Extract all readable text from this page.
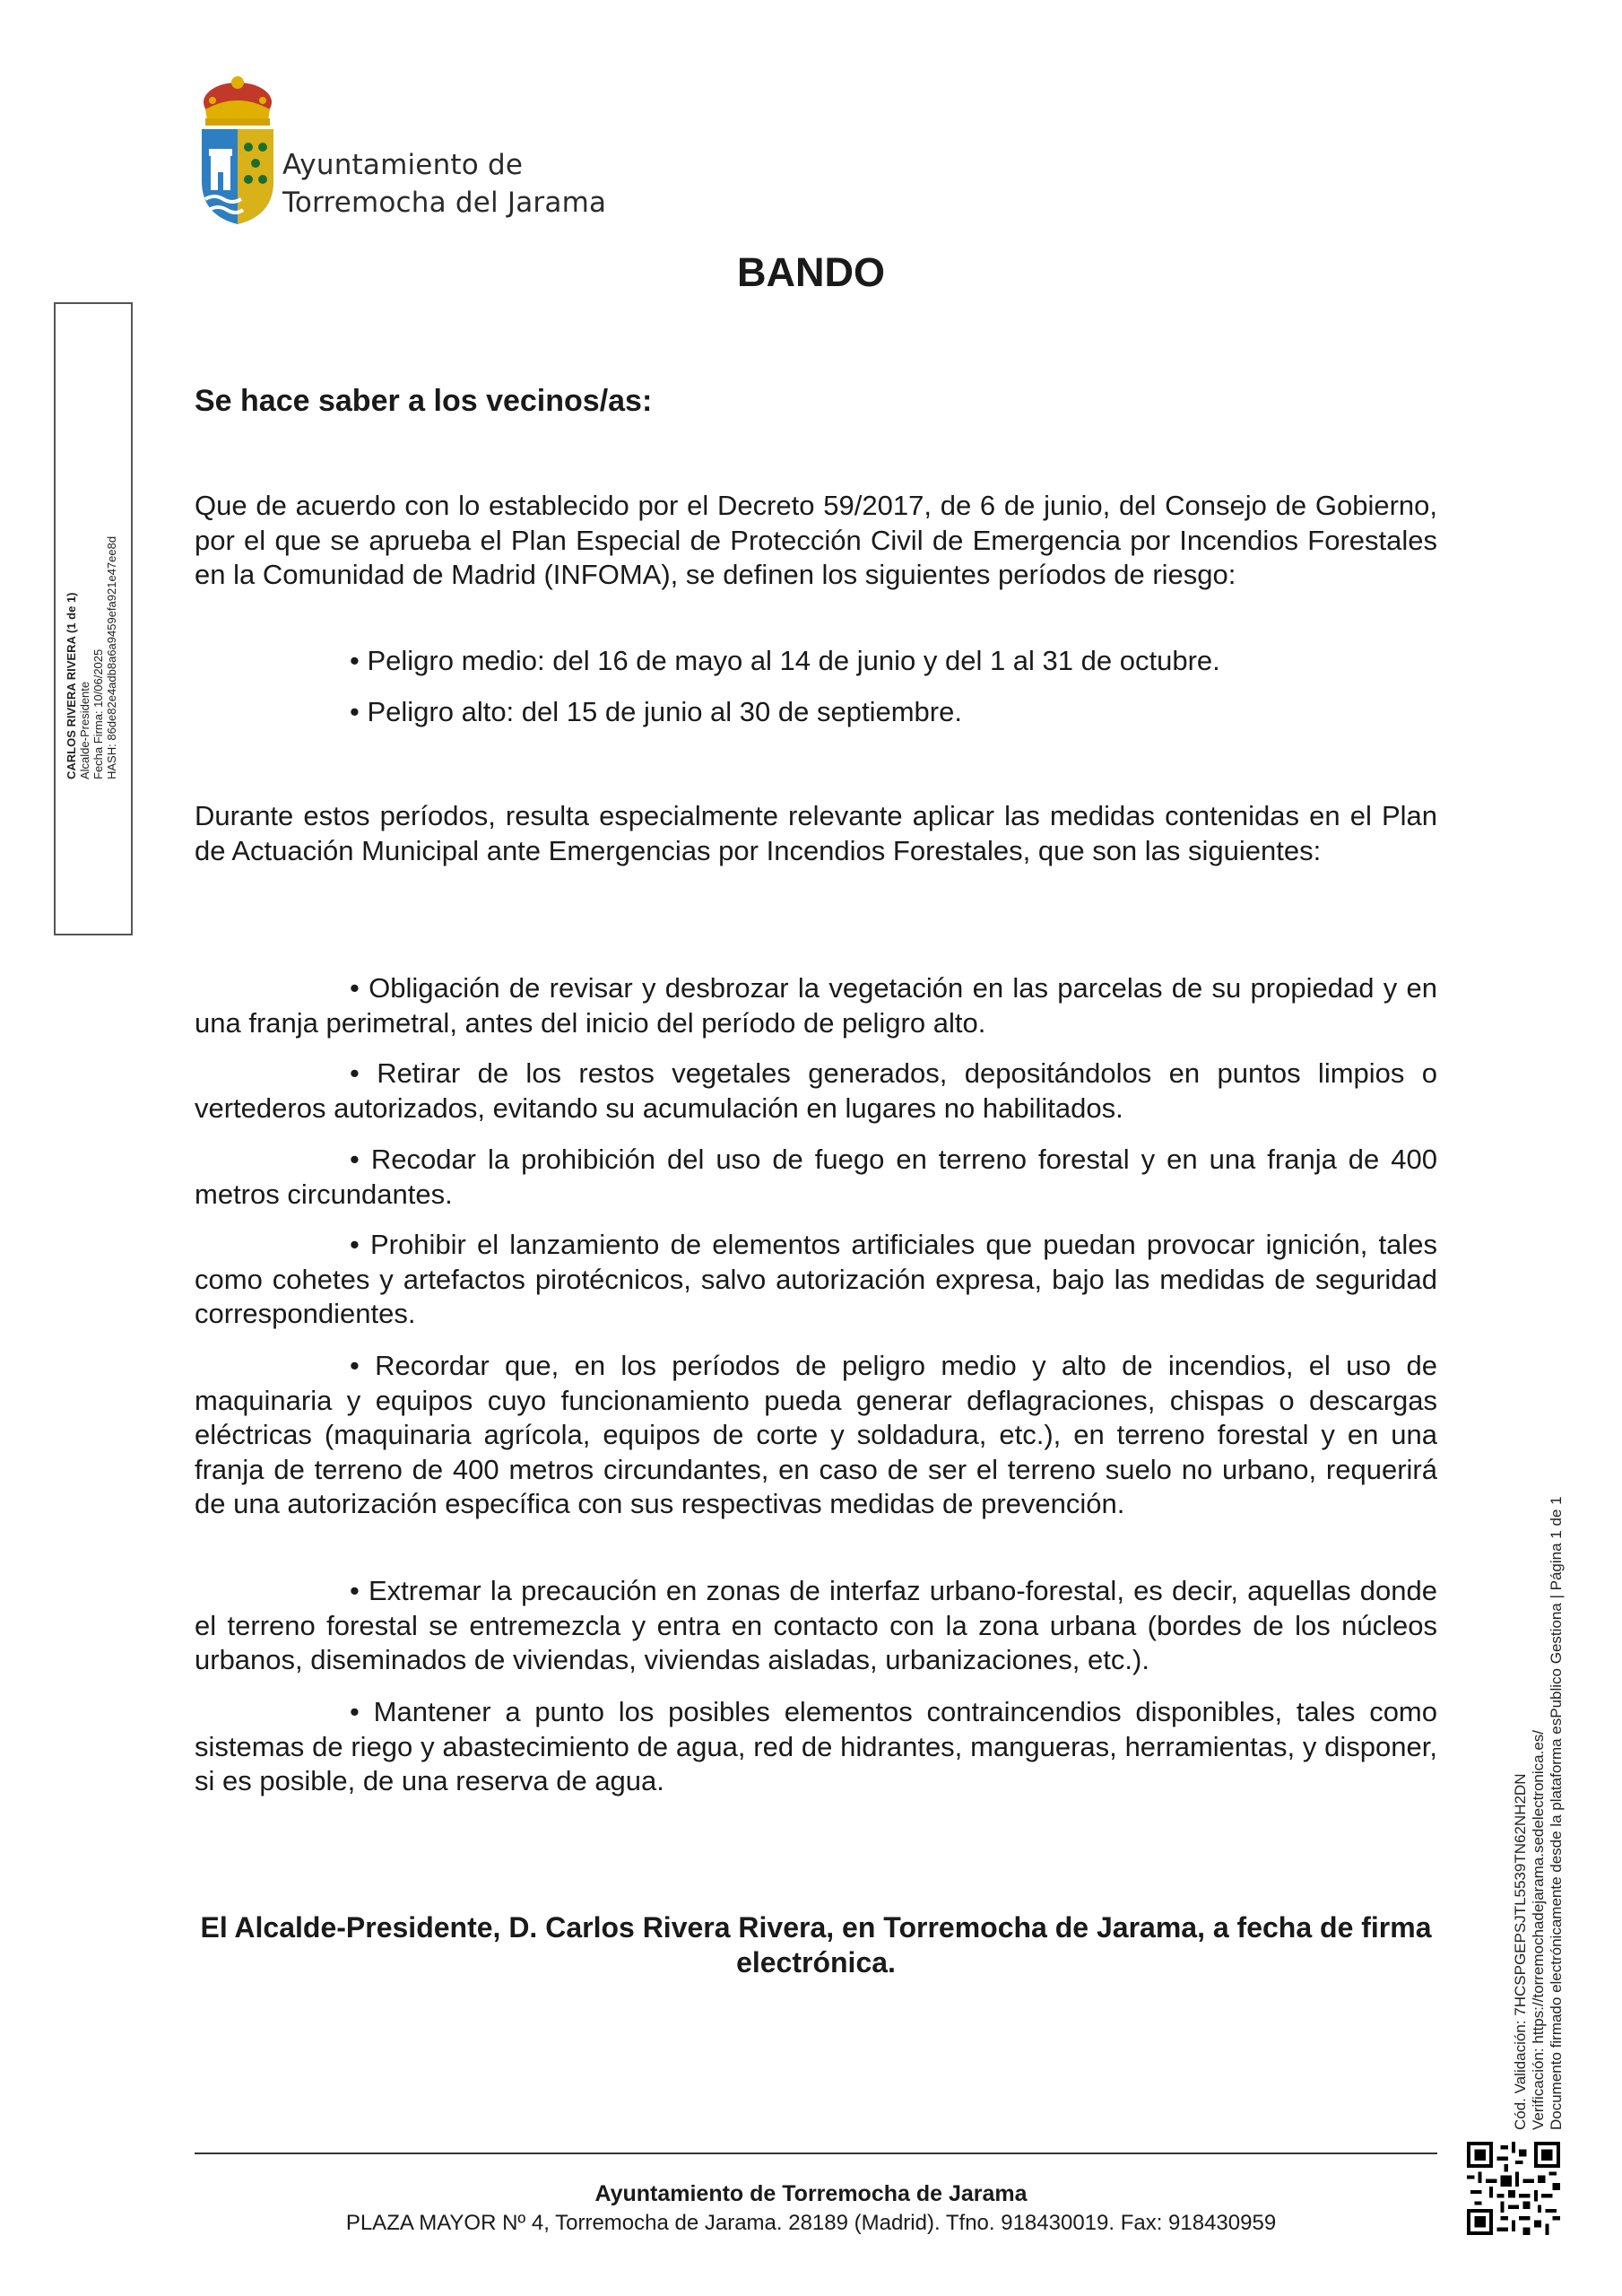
Ayuntamiento de
Torremocha del Jarama
BANDO
CARLOS RIVERA RIVERA (1 de 1) Alcalde-Presidente Fecha Firma: 10/06/2025 HASH: 86de82e4adb8a6a9459efa921e47ee8d
Se hace saber a los vecinos/as:
Que de acuerdo con lo establecido por el Decreto 59/2017, de 6 de junio, del Consejo de Gobierno, por el que se aprueba el Plan Especial de Protección Civil de Emergencia por Incendios Forestales en la Comunidad de Madrid (INFOMA), se definen los siguientes períodos de riesgo:
• Peligro medio: del 16 de mayo al 14 de junio y del 1 al 31 de octubre.
• Peligro alto: del 15 de junio al 30 de septiembre.
Durante estos períodos, resulta especialmente relevante aplicar las medidas contenidas en el Plan de Actuación Municipal ante Emergencias por Incendios Forestales, que son las siguientes:
• Obligación de revisar y desbrozar la vegetación en las parcelas de su propiedad y en una franja perimetral, antes del inicio del período de peligro alto.
• Retirar de los restos vegetales generados, depositándolos en puntos limpios o vertederos autorizados, evitando su acumulación en lugares no habilitados.
• Recodar la prohibición del uso de fuego en terreno forestal y en una franja de 400 metros circundantes.
• Prohibir el lanzamiento de elementos artificiales que puedan provocar ignición, tales como cohetes y artefactos pirotécnicos, salvo autorización expresa, bajo las medidas de seguridad correspondientes.
• Recordar que, en los períodos de peligro medio y alto de incendios, el uso de maquinaria y equipos cuyo funcionamiento pueda generar deflagraciones, chispas o descargas eléctricas (maquinaria agrícola, equipos de corte y soldadura, etc.), en terreno forestal y en una franja de terreno de 400 metros circundantes, en caso de ser el terreno suelo no urbano, requerirá de una autorización específica con sus respectivas medidas de prevención.
• Extremar la precaución en zonas de interfaz urbano-forestal, es decir, aquellas donde el terreno forestal se entremezcla y entra en contacto con la zona urbana (bordes de los núcleos urbanos, diseminados de viviendas, viviendas aisladas, urbanizaciones, etc.).
• Mantener a punto los posibles elementos contraincendios disponibles, tales como sistemas de riego y abastecimiento de agua, red de hidrantes, mangueras, herramientas, y disponer, si es posible, de una reserva de agua.
El Alcalde-Presidente, D. Carlos Rivera Rivera, en Torremocha de Jarama, a fecha de firma electrónica.
Ayuntamiento de Torremocha de Jarama
PLAZA MAYOR Nº 4, Torremocha de Jarama. 28189 (Madrid). Tfno. 918430019. Fax: 918430959
Cód. Validación: 7HCSPGEPSJTL5539TN62NH2DN Verificación: https://torremochadejarama.sedelectronica.es/ Documento firmado electrónicamente desde la plataforma esPublico Gestiona | Página 1 de 1
